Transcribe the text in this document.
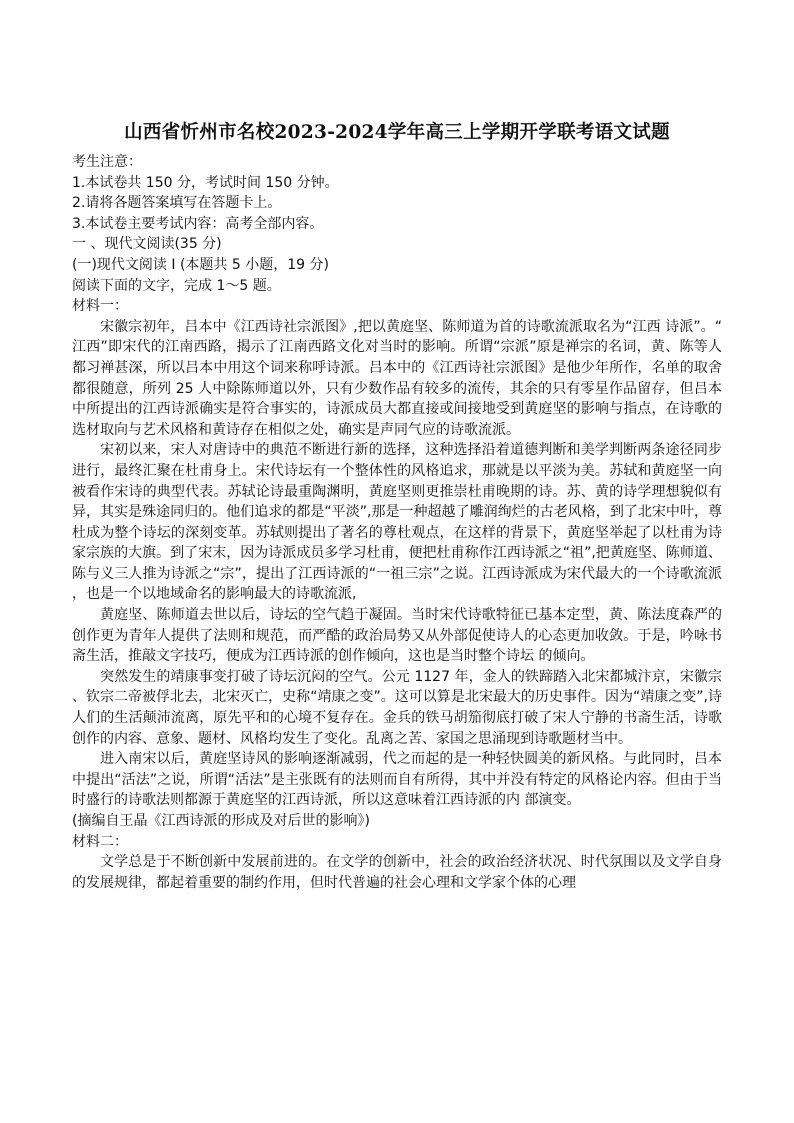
山西省忻州市名校2023-2024学年高三上学期开学联考语文试题

考生注意：

1.本试卷共 150 分，考试时间 150 分钟。

2.请将各题答案填写在答题卡上。

3.本试卷主要考试内容：高考全部内容。

一 、现代文阅读(35 分)

(一)现代文阅读 I (本题共 5 小题，19 分)

阅读下面的文字，完成 1～5 题。

材料一：

宋徽宗初年，吕本中《江西诗社宗派图》,把以黄庭坚、陈师道为首的诗歌流派取名为“江西 诗派”。“江西”即宋代的江南西路，揭示了江南西路文化对当时的影响。所谓“宗派”原是禅宗的名词，黄、陈等人都习禅甚深，所以吕本中用这个词来称呼诗派。吕本中的《江西诗社宗派图》是他少年所作，名单的取舍都很随意，所列 25 人中除陈师道以外，只有少数作品有较多的流传，其余的只有零星作品留存，但吕本中所提出的江西诗派确实是符合事实的，诗派成员大都直接或间接地受到黄庭坚的影响与指点，在诗歌的选材取向与艺术风格和黄诗存在相似之处，确实是声同气应的诗歌流派。

宋初以来，宋人对唐诗中的典范不断进行新的选择，这种选择沿着道德判断和美学判断两条途径同步进行，最终汇聚在杜甫身上。宋代诗坛有一个整体性的风格追求，那就是以平淡为美。苏轼和黄庭坚一向被看作宋诗的典型代表。苏轼论诗最重陶渊明，黄庭坚则更推崇杜甫晚期的诗。苏、黄的诗学理想貌似有异，其实是殊途同归的。他们追求的都是“平淡”,那是一种超越了雕润绚烂的古老风格，到了北宋中叶，尊杜成为整个诗坛的深刻变革。苏轼则提出了著名的尊杜观点，在这样的背景下，黄庭坚举起了以杜甫为诗家宗族的大旗。到了宋末，因为诗派成员多学习杜甫，便把杜甫称作江西诗派之“祖”,把黄庭坚、陈师道、陈与义三人推为诗派之“宗”，提出了江西诗派的“一祖三宗”之说。江西诗派成为宋代最大的一个诗歌流派，也是一个以地域命名的影响最大的诗歌流派,

黄庭坚、陈师道去世以后，诗坛的空气趋于凝固。当时宋代诗歌特征已基本定型，黄、陈法度森严的创作更为青年人提供了法则和规范，而严酷的政治局势又从外部促使诗人的心态更加收敛。于是，吟咏书斋生活，推敲文字技巧，便成为江西诗派的创作倾向，这也是当时整个诗坛 的倾向。

突然发生的靖康事变打破了诗坛沉闷的空气。公元 1127 年，金人的铁蹄踏入北宋都城汴京，宋徽宗、钦宗二帝被俘北去，北宋灭亡，史称“靖康之变”。这可以算是北宋最大的历史事件。因为“靖康之变”,诗人们的生活颠沛流离，原先平和的心境不复存在。金兵的铁马胡笳彻底打破了宋人宁静的书斋生活，诗歌创作的内容、意象、题材、风格均发生了变化。乱离之苦、家国之思涌现到诗歌题材当中。

进入南宋以后，黄庭坚诗风的影响逐渐减弱，代之而起的是一种轻快圆美的新风格。与此同时，吕本中提出“活法”之说，所谓“活法”是主张既有的法则而自有所得，其中并没有特定的风格论内容。但由于当时盛行的诗歌法则都源于黄庭坚的江西诗派，所以这意味着江西诗派的内 部演变。

(摘编自王晶《江西诗派的形成及对后世的影响》)

材料二：

文学总是于不断创新中发展前进的。在文学的创新中，社会的政治经济状况、时代氛围以及文学自身的发展规律，都起着重要的制约作用，但时代普遍的社会心理和文学家个体的心理
